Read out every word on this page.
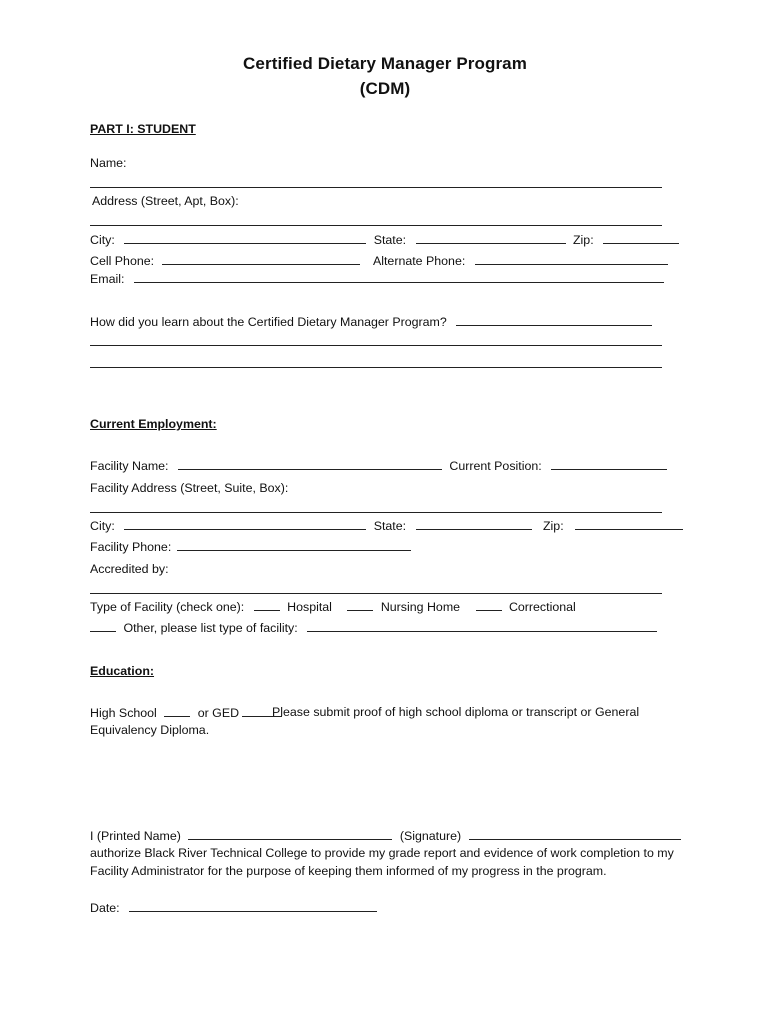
Certified Dietary Manager Program
(CDM)
PART I: STUDENT
Name:
Address (Street, Apt, Box):
City:	State:	Zip:
Cell Phone:	Alternate Phone:
Email:
How did you learn about the Certified Dietary Manager Program?
Current Employment:
Facility Name:	Current Position:
Facility Address (Street, Suite, Box):
City:	State:	Zip:
Facility Phone:
Accredited by:
Type of Facility (check one):	Hospital	Nursing Home	Correctional
Other, please list type of facility:
Education:
High School	or GED	Please submit proof of high school diploma or transcript or General Equivalency Diploma.
I (Printed Name)	(Signature)
authorize Black River Technical College to provide my grade report and evidence of work completion to my Facility Administrator for the purpose of keeping them informed of my progress in the program.
Date:
